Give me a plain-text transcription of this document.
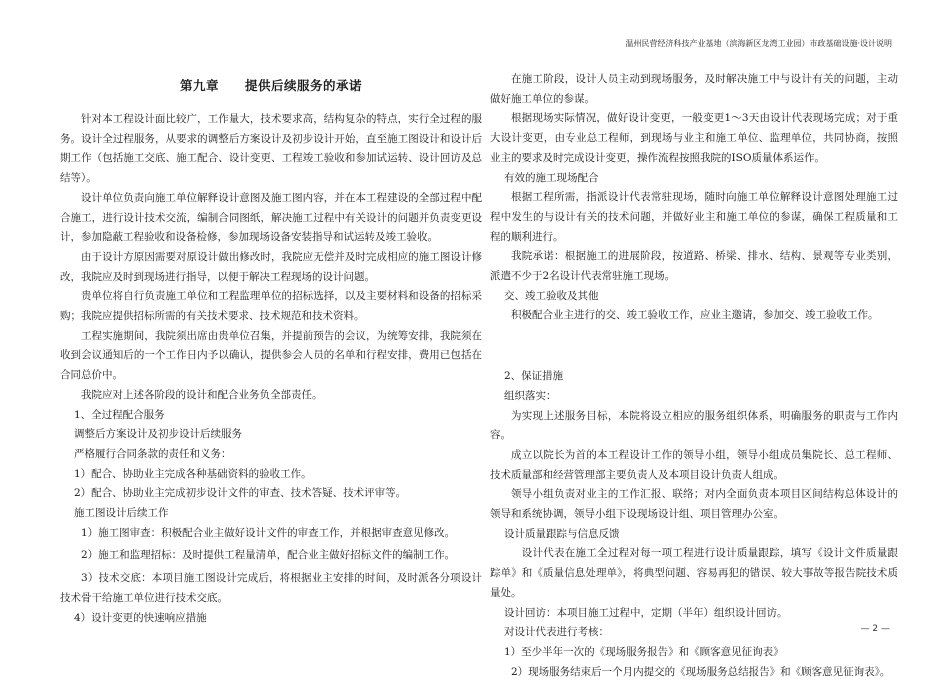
温州民营经济科技产业基地（滨海新区龙湾工业园）市政基础设施·设计说明
第九章　　提供后续服务的承诺
针对本工程设计面比较广，工作量大，技术要求高，结构复杂的特点，实行全过程的服务。设计全过程服务，从要求的调整后方案设计及初步设计开始，直至施工图设计和设计后期工作（包括施工交底、施工配合、设计变更、工程竣工验收和参加试运转、设计回访及总结等）。
设计单位负责向施工单位解释设计意图及施工图内容，并在本工程建设的全部过程中配合施工，进行设计技术交流，编制合同图纸，解决施工过程中有关设计的问题并负责变更设计，参加隐蔽工程验收和设备检修，参加现场设备安装指导和试运转及竣工验收。
由于设计方原因需要对原设计做出修改时，我院应无偿并及时完成相应的施工图设计修改，我院应及时到现场进行指导，以便于解决工程现场的设计问题。
贵单位将自行负责施工单位和工程监理单位的招标选择，以及主要材料和设备的招标采购；我院应提供招标所需的有关技术要求、技术规范和技术资料。
工程实施期间，我院须出席由贵单位召集，并提前预告的会议，为统筹安排，我院须在收到会议通知后的一个工作日内予以确认，提供参会人员的名单和行程安排，费用已包括在合同总价中。
我院应对上述各阶段的设计和配合业务负全部责任。
1、全过程配合服务
调整后方案设计及初步设计后续服务
严格履行合同条款的责任和义务：
1）配合、协助业主完成各种基础资料的验收工作。
2）配合、协助业主完成初步设计文件的审查、技术答疑、技术评审等。
施工图设计后续工作
1）施工图审查：积极配合业主做好设计文件的审查工作，并根据审查意见修改。
2）施工和监理招标：及时提供工程量清单，配合业主做好招标文件的编制工作。
3）技术交底：本项目施工图设计完成后，将根据业主安排的时间，及时派各分项设计技术骨干给施工单位进行技术交底。
4）设计变更的快速响应措施
在施工阶段，设计人员主动到现场服务，及时解决施工中与设计有关的问题，主动做好施工单位的参谋。
根据现场实际情况，做好设计变更，一般变更1～3天由设计代表现场完成；对于重大设计变更，由专业总工程师，到现场与业主和施工单位、监理单位，共同协商，按照业主的要求及时完成设计变更，操作流程按照我院的ISO质量体系运作。
有效的施工现场配合
根据工程所需，指派设计代表常驻现场，随时向施工单位解释设计意图处理施工过程中发生的与设计有关的技术问题，并做好业主和施工单位的参谋，确保工程质量和工程的顺利进行。
我院承诺：根据施工的进展阶段，按道路、桥梁、排水、结构、景观等专业类别，派遣不少于2名设计代表常驻施工现场。
交、竣工验收及其他
积极配合业主进行的交、竣工验收工作，应业主邀请，参加交、竣工验收工作。
2、保证措施
组织落实：
为实现上述服务目标，本院将设立相应的服务组织体系，明确服务的职责与工作内容。
成立以院长为首的本工程设计工作的领导小组，领导小组成员集院长、总工程师、技术质量部和经营管理部主要负责人及本项目设计负责人组成。
领导小组负责对业主的工作汇报、联络；对内全面负责本项目区间结构总体设计的领导和系统协调，领导小组下设现场设计组、项目管理办公室。
设计质量跟踪与信息反馈
　设计代表在施工全过程对每一项工程进行设计质量跟踪，填写《设计文件质量跟踪单》和《质量信息处理单》，将典型问题、容易再犯的错误、较大事故等报告院技术质量处。
设计回访：本项目施工过程中，定期（半年）组织设计回访。
对设计代表进行考核：
1）至少半年一次的《现场服务报告》和《顾客意见征询表》
2）现场服务结束后一个月内提交的《现场服务总结报告》和《顾客意见征询表》。
— 2 —
